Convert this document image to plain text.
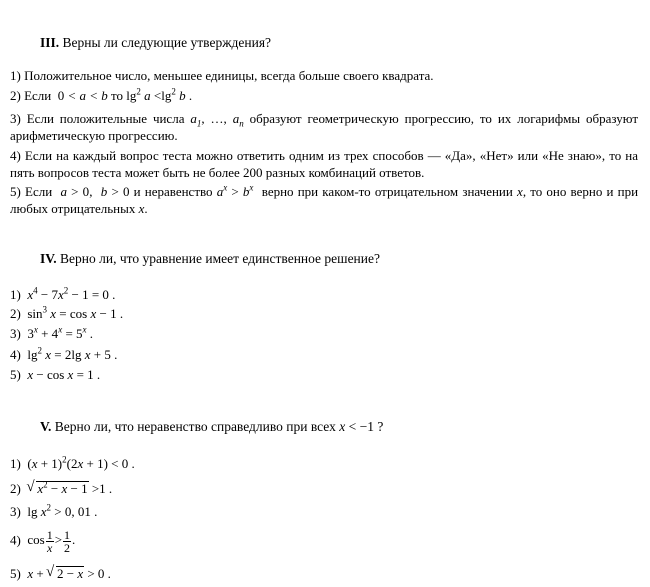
III. Верны ли следующие утверждения?
1) Положительное число, меньшее единицы, всегда больше своего квадрата.
2) Если 0 < a < b то $\lg^2 a <\lg^2$ b .
3) Если положительные числа $a_1$, …, $a_n$ образуют геометрическую прогрессию, то их логарифмы образуют арифметическую прогрессию.
4) Если на каждый вопрос теста можно ответить одним из трех способов — «Да», «Нет» или «Не знаю», то на пять вопросов теста может быть не более 200 разных комбинаций ответов.
5) Если a > 0,  b > 0 и неравенство $a^x > b^x$ верно при каком-то отрицательном значении x, то оно верно и при любых отрицательных x.
IV. Верно ли, что уравнение имеет единственное решение?
1) $x^4 - 7x^2 - 1 = 0$ .
2) $\sin^3 x = \cos x - 1$ .
3) $3^x + 4^x = 5^x$ .
4) $\lg^2 x = 2\lg$ x + 5 .
5) x − cos x = 1 .
V. Верно ли, что неравенство справедливо при всех x < −1 ?
1) $(x + 1)^2(2x + 1) < 0$ .
2) √ $x^2 - x - 1 >1$ .
3) $\lg x^2 > 0$, 01 .
4) $\cos \frac{1}{x} > \frac{1}{2}$ .
5) x + √ 2 − x > 0 .
